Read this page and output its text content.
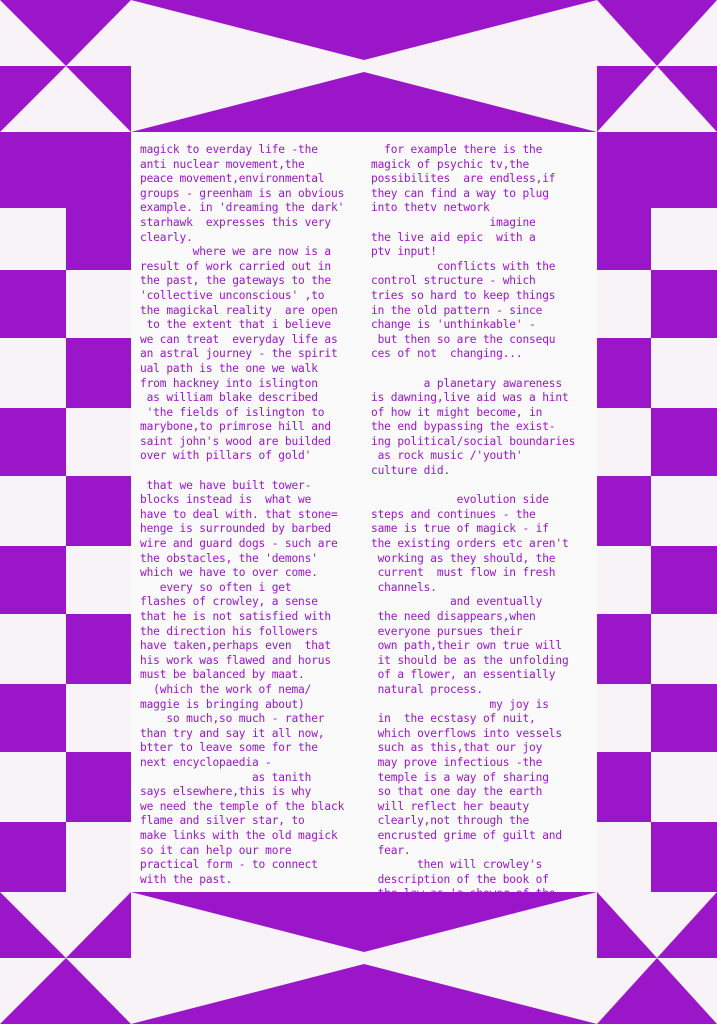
magick to everday life -the
anti nuclear movement,the
peace movement,environmental
groups - greenham is an obvious
example. in 'dreaming the dark'
starhawk  expresses this very
clearly.
where we are now is a
result of work carried out in
the past, the gateways to the
'collective unconscious' ,to
the magickal reality  are open
to the extent that i believe
we can treat  everyday life as
an astral journey - the spirit
ual path is the one we walk
from hackney into islington
as william blake described
'the fields of islington to
marybone,to primrose hill and
saint john's wood are builded
over with pillars of gold'

that we have built tower-
blocks instead is  what we
have to deal with. that stone=
henge is surrounded by barbed
wire and guard dogs - such are
the obstacles, the 'demons'
which we have to over come.
every so often i get
flashes of crowley, a sense
that he is not satisfied with
the direction his followers
have taken,perhaps even  that
his work was flawed and horus
must be balanced by maat.
(which the work of nema/
maggie is bringing about)
so much,so much - rather
than try and say it all now,
btter to leave some for the
next encyclopaedia -
as tanith
says elsewhere,this is why
we need the temple of the black
flame and silver star, to
make links with the old magick
so it can help our more
practical form - to connect
with the past.
for example there is the
magick of psychic tv,the
possibilites  are endless,if
they can find a way to plug
into thetv network
imagine
the live aid epic  with a
ptv input!
conflicts with the
control structure - which
tries so hard to keep things
in the old pattern - since
change is 'unthinkable' -
but then so are the consequ
ces of not  changing...

a planetary awareness
is dawning,live aid was a hint
of how it might become, in
the end bypassing the exist-
ing political/social boundaries
as rock music /'youth'
culture did.

evolution side
steps and continues - the
same is true of magick - if
the existing orders etc aren't
working as they should, the
current  must flow in fresh
channels.
and eventually
the need disappears,when
everyone pursues their
own path,their own true will
it should be as the unfolding
of a flower, an essentially
natural process.
my joy is
in  the ecstasy of nuit,
which overflows into vessels
such as this,that our joy
may prove infectious -the
temple is a way of sharing
so that one day the earth
will reflect her beauty
clearly,not through the
encrusted grime of guilt and
fear.
then will crowley's
description of the book of
the law as 'a shower of the
9
